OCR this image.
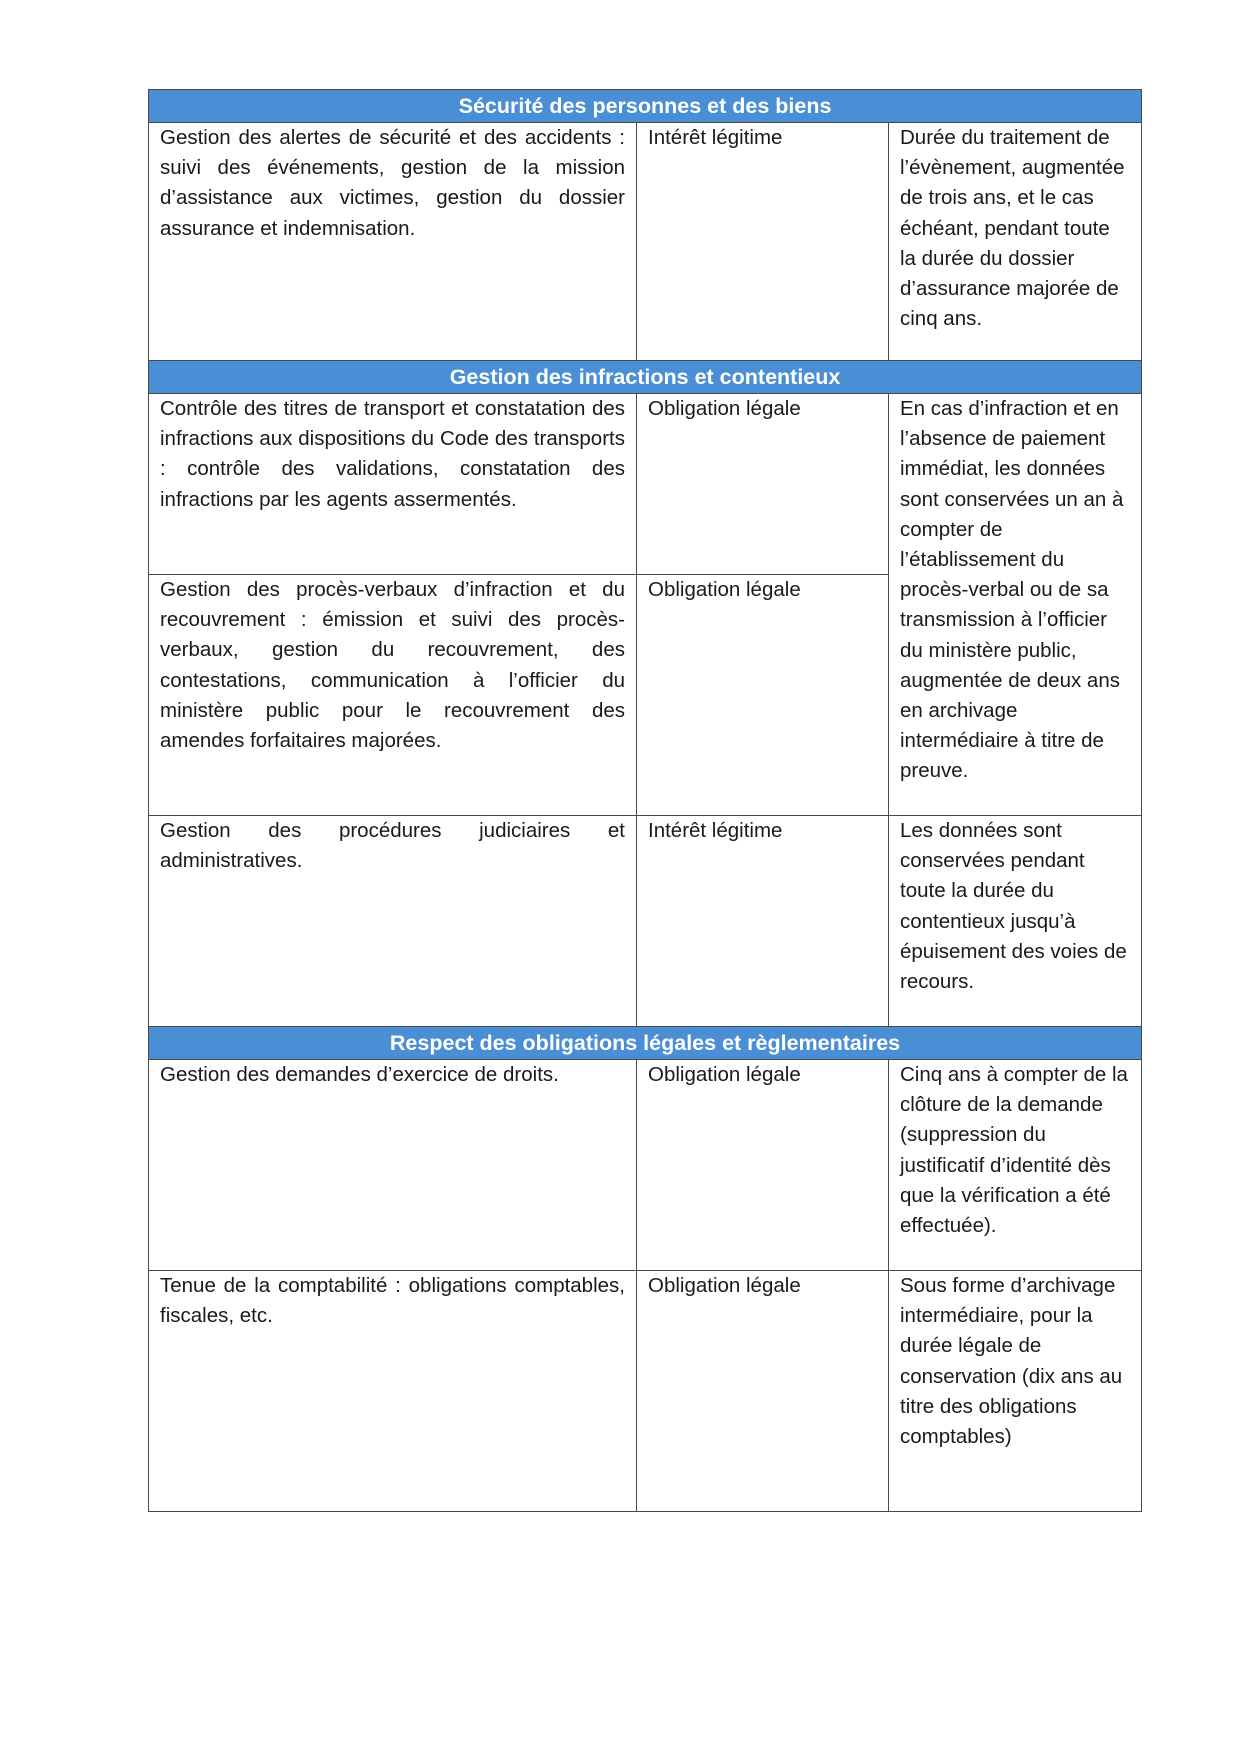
Sécurité des personnes et des biens		
Gestion des alertes de sécurité et des accidents : suivi des événements, gestion de la mission d’assistance aux victimes, gestion du dossier assurance et indemnisation.	Intérêt légitime	Durée du traitement de l’évènement, augmentée de trois ans, et le cas échéant, pendant toute la durée du dossier d’assurance majorée de cinq ans.
Gestion des infractions et contentieux		
Contrôle des titres de transport et constatation des infractions aux dispositions du Code des transports : contrôle des validations, constatation des infractions par les agents assermentés.	Obligation légale	En cas d’infraction et en l’absence de paiement immédiat, les données sont conservées un an à compter de l’établissement du procès-verbal ou de sa transmission à l’officier du ministère public, augmentée de deux ans en archivage intermédiaire à titre de preuve.
Gestion des procès-verbaux d’infraction et du recouvrement : émission et suivi des procès-verbaux, gestion du recouvrement, des contestations, communication à l’officier du ministère public pour le recouvrement des amendes forfaitaires majorées.	Obligation légale	
Gestion des procédures judiciaires et administratives.	Intérêt légitime	Les données sont conservées pendant toute la durée du contentieux jusqu’à épuisement des voies de recours.
Respect des obligations légales et règlementaires		
Gestion des demandes d’exercice de droits.	Obligation légale	Cinq ans à compter de la clôture de la demande (suppression du justificatif d’identité dès que la vérification a été effectuée).
Tenue de la comptabilité : obligations comptables, fiscales, etc.	Obligation légale	Sous forme d’archivage intermédiaire, pour la durée légale de conservation (dix ans au titre des obligations comptables)
